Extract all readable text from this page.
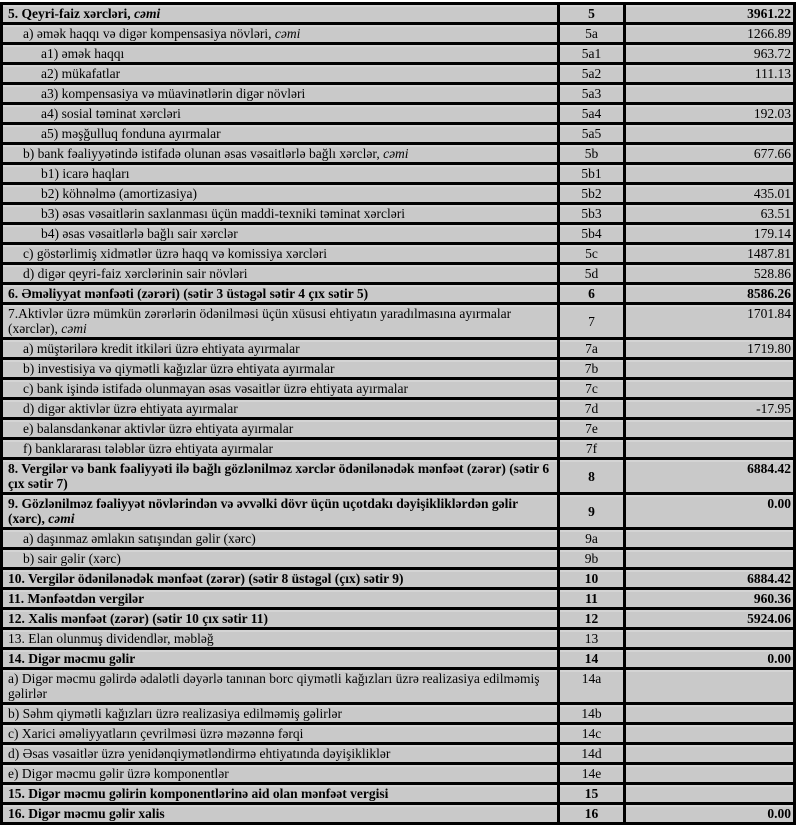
5. Qeyri-faiz xərcləri, cəmi	5	3961.22
a) əmək haqqı və digər kompensasiya növləri, cəmi	5a	1266.89
a1) əmək haqqı	5a1	963.72
a2) mükafatlar	5a2	111.13
a3) kompensasiya və müavinətlərin digər növləri	5a3	
a4) sosial təminat xərcləri	5a4	192.03
a5) məşğulluq fonduna ayırmalar	5a5	
b) bank fəaliyyətində istifadə olunan əsas vəsaitlərlə bağlı xərclər, cəmi	5b	677.66
b1) icarə haqları	5b1	
b2) köhnəlmə (amortizasiya)	5b2	435.01
b3) əsas vəsaitlərin saxlanması üçün maddi-texniki təminat xərcləri	5b3	63.51
b4) əsas vəsaitlərlə bağlı sair xərclər	5b4	179.14
c) göstərlimiş xidmətlər üzrə haqq və komissiya xərcləri	5c	1487.81
d) digər qeyri-faiz xərclərinin sair növləri	5d	528.86
6. Əməliyyat mənfəəti (zərəri) (sətir 3 üstəgəl sətir 4 çıx sətir 5)	6	8586.26
7.Aktivlər üzrə mümkün zərərlərin ödənilməsi üçün xüsusi ehtiyatın yaradılmasına ayırmalar (xərclər), cəmi	7	1701.84
a) müştərilərə kredit itkiləri üzrə ehtiyata ayırmalar	7a	1719.80
b) investisiya və qiymətli kağızlar üzrə ehtiyata ayırmalar	7b	
c) bank işində istifadə olunmayan əsas vəsaitlər üzrə ehtiyata ayırmalar	7c	
d) digər aktivlər üzrə ehtiyata ayırmalar	7d	-17.95
e) balansdankənar aktivlər üzrə ehtiyata ayırmalar	7e	
f) banklararası tələblər üzrə ehtiyata ayırmalar	7f	
8. Vergilər və bank fəaliyyəti ilə bağlı gözlənilməz xərclər ödənilənədək mənfəət (zərər) (sətir 6 çıx sətir 7)	8	6884.42
9. Gözlənilməz fəaliyyət növlərindən və əvvəlki dövr üçün uçotdakı dəyişikliklərdən gəlir (xərc), cəmi	9	0.00
a) daşınmaz əmlakın satışından gəlir (xərc)	9a	
b) sair gəlir (xərc)	9b	
10. Vergilər ödənilənədək mənfəət (zərər) (sətir 8 üstəgəl (çıx) sətir 9)	10	6884.42
11. Mənfəətdən vergilər	11	960.36
12. Xalis mənfəət (zərər) (sətir 10 çıx sətir 11)	12	5924.06
13. Elan olunmuş dividendlər, məbləğ	13	
14. Digər məcmu gəlir	14	0.00
a) Digər məcmu gəlirdə ədalətli dəyərlə tanınan borc qiymətli kağızları üzrə realizasiya edilməmiş gəlirlər	14a	
b) Səhm qiymətli kağızları üzrə realizasiya edilməmiş gəlirlər	14b	
c) Xarici əməliyyatların çevrilməsi üzrə məzənnə fərqi	14c	
d) Əsas vəsaitlər üzrə yenidənqiymətləndirmə ehtiyatında dəyişikliklər	14d	
e) Digər məcmu gəlir üzrə komponentlər	14e	
15. Digər məcmu gəlirin komponentlərinə aid olan mənfəət vergisi	15	
16. Digər məcmu gəlir xalis	16	0.00
